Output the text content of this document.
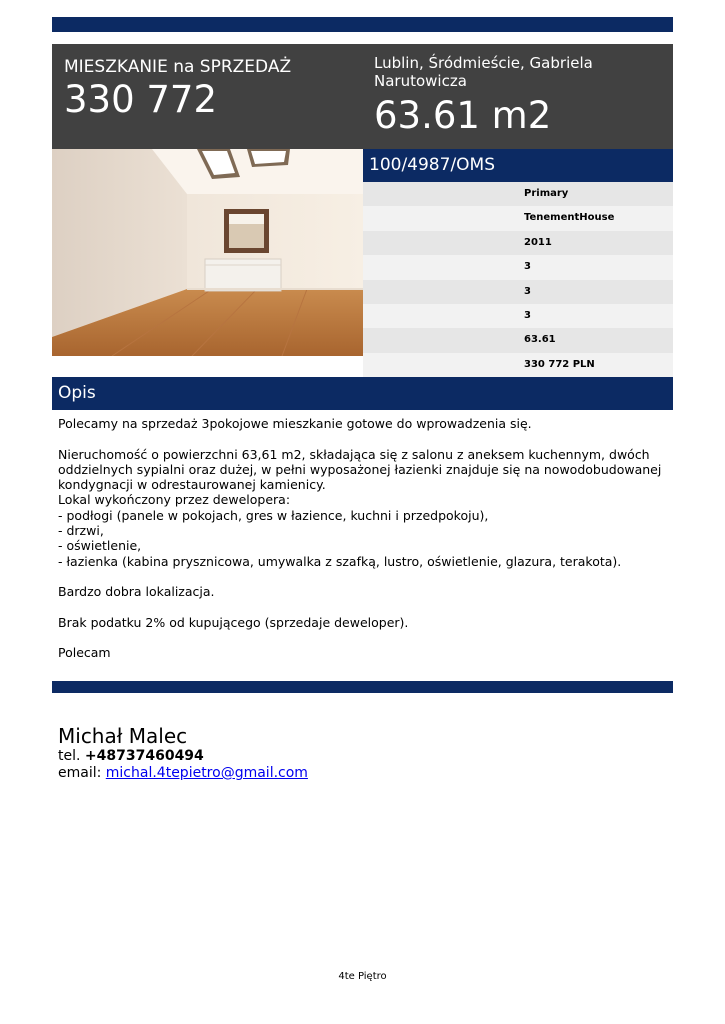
MIESZKANIE na SPRZEDAŻ
330 772
Lublin, Śródmieście, Gabriela Narutowicza
63.61 m2
100/4987/OMS
Primary
TenementHouse
2011
3
3
3
63.61
330 772 PLN
Opis

Polecamy na sprzedaż 3pokojowe mieszkanie gotowe do wprowadzenia się.

Nieruchomość o powierzchni 63,61 m2, składająca się z salonu z aneksem kuchennym, dwóch oddzielnych sypialni oraz dużej, w pełni wyposażonej łazienki znajduje się na nowodobudowanej kondygnacji w odrestaurowanej kamienicy.

Lokal wykończony przez dewelopera:

- podłogi (panele w pokojach, gres w łazience, kuchni i przedpokoju),

- drzwi,

- oświetlenie,

- łazienka (kabina prysznicowa, umywalka z szafką, lustro, oświetlenie, glazura, terakota).

Bardzo dobra lokalizacja.

Brak podatku 2% od kupującego (sprzedaje deweloper).

Polecam

Michał Malec
tel. +48737460494
email: michal.4tepietro@gmail.com
4te Piętro
